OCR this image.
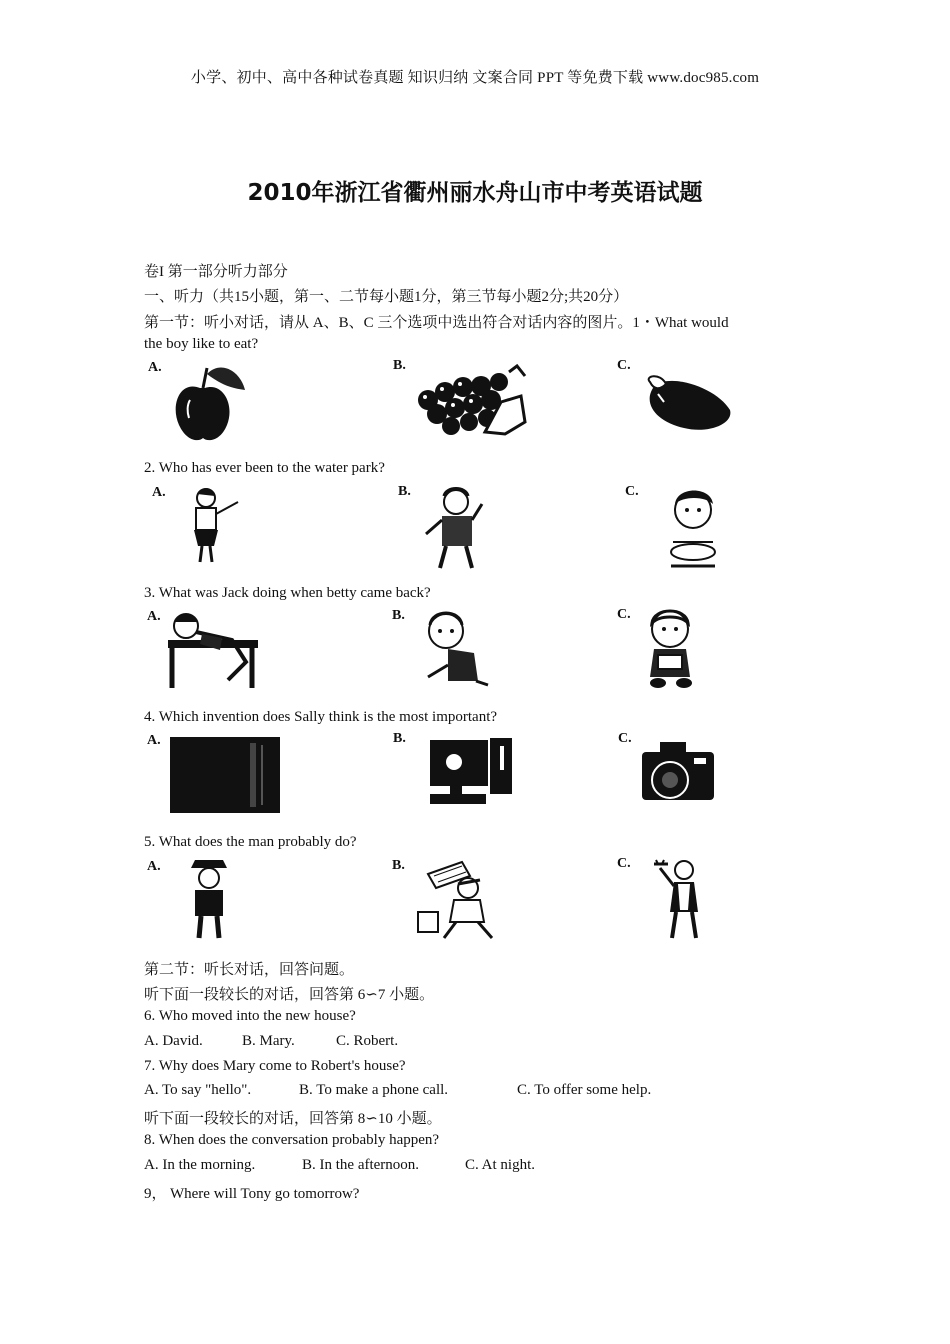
小学、初中、高中各种试卷真题 知识归纳 文案合同 PPT 等免费下载 www.doc985.com
2010年浙江省衢州丽水舟山市中考英语试题
卷I 第一部分听力部分
一、听力（共15小题，第一、二节每小题1分，第三节每小题2分;共20分）
第一节：听小对话，请从 A、B、C 三个选项中选出符合对话内容的图片。1・What would
the boy like to eat?
A.	B.	C.
2. Who has ever been to the water park?
A.	B.	C.
3. What was Jack doing when betty came back?
A.	B.	C.
4. Which invention does Sally think is the most important?
A.	B.	C.
5. What does the man probably do?
A.	B.	C.
第二节：听长对话，回答问题。
听下面一段较长的对话，回答第 6∽7 小题。
6. Who moved into the new house?
A. David.	B. Mary.	C. Robert.
7. Why does Mary come to Robert's house?
A. To say "hello".	B. To make a phone call.	C. To offer some help.
听下面一段较长的对话，回答第 8∽10 小题。
8. When does the conversation probably happen?
A. In the morning.	B. In the afternoon.	C. At night.
9， Where will Tony go tomorrow?
